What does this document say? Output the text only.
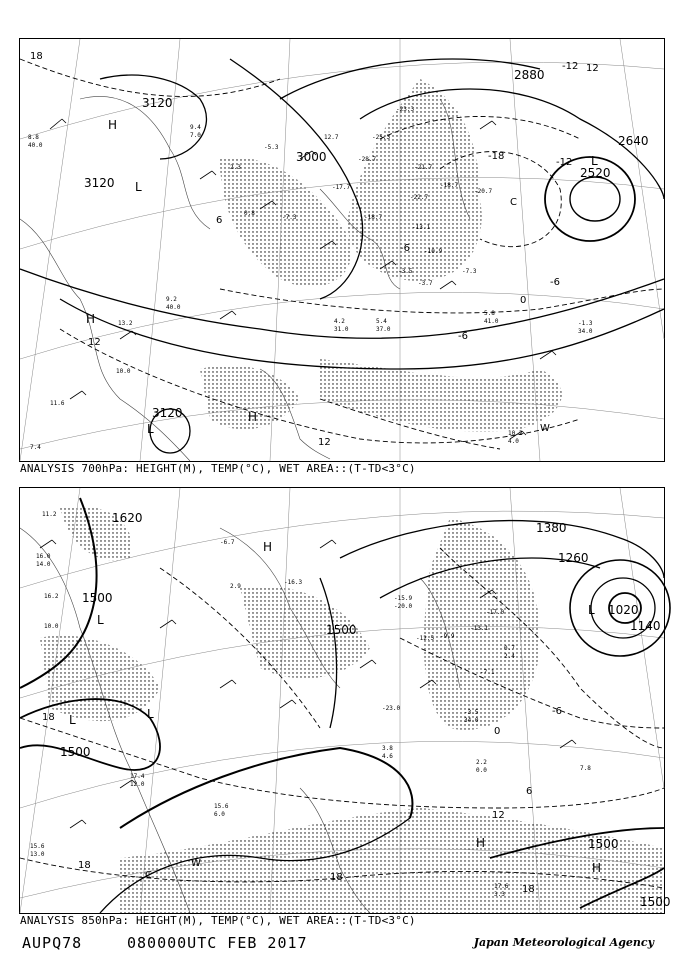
H
L
H
L
H
L	W
C
3120
3120
3120
3000
2880
2640
2520
12
12
0
-6
-12
-12
-6
-6
6
12
18
-18
8.8
40.0
9.4
7.0
2.3
13.2
10.0
11.6
7.4
9.2
40.0
-5.3
0.8
-7.3
12.7
-17.7
-23.3
-25.3
-21.7
-22.7
-18.7
-13.1
-10.9
-7.3
-3.5
5.4
37.0
4.2
31.0
5.8
41.0
10.2
4.0
-1.3
34.0
-18.7
-20.7
-28.7
-3.7
ANALYSIS 700hPa: HEIGHT(M), TEMP(°C), WET AREA::(T-TD<3°C)
H
L
L	L
C
W
H
H
L
1620
1500
1500
1500
1380
1260
1140
1020
1500
1500
18
18
18
12
6
18
0
-6
11.2
16.0
14.0
16.2
10.0
17.4
12.0
15.6
6.0
-6.7
2.9
-16.3
-15.9
-20.0
-23.0
-12.5
-3.5
34.0
3.8
4.6
2.2
0.0
17.6
3.3
7.8
-7.1
-9.9
-17.0
-13.1
0.7
2.4
15.6
13.0
ANALYSIS 850hPa: HEIGHT(M), TEMP(°C), WET AREA::(T-TD<3°C)
AUPQ78	080000UTC FEB 2017	Japan Meteorological Agency
